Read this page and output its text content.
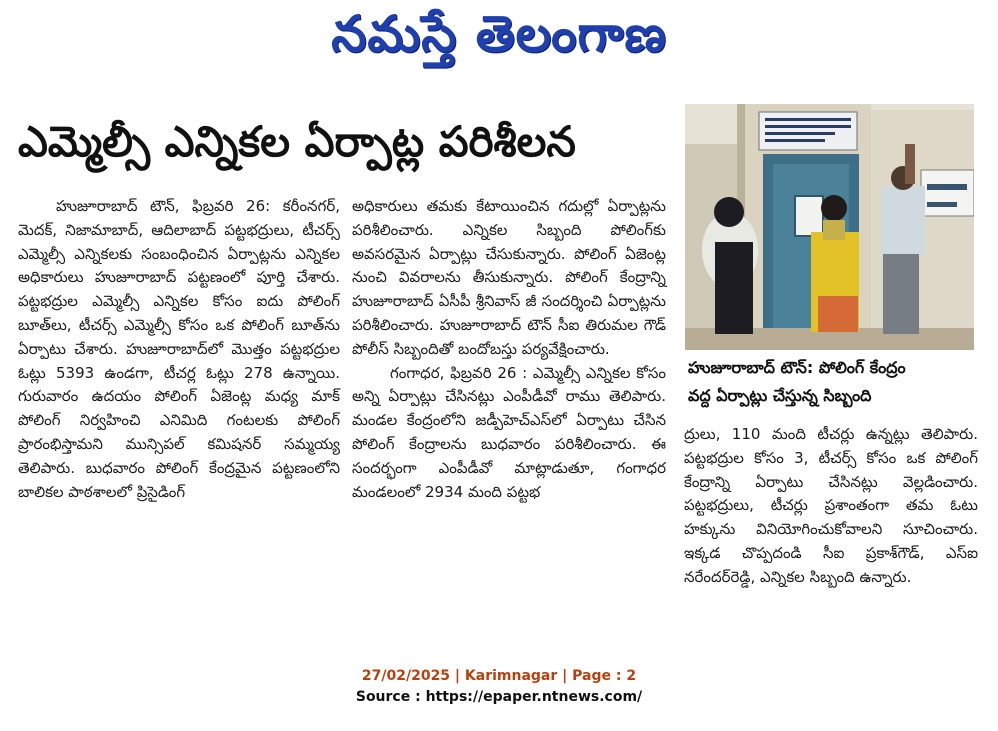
నమస్తే తెలంగాణ
ఎమ్మెల్సీ ఎన్నికల ఏర్పాట్ల పరిశీలన

హుజూరాబాద్ టౌన్, ఫిబ్రవరి 26: కరీంనగర్, మెదక్, నిజామాబాద్, ఆదిలాబాద్ పట్టభద్రులు, టీచర్స్ ఎమ్మెల్సీ ఎన్నికలకు సంబంధించిన ఏర్పాట్లను ఎన్నికల అధికారులు హుజూరాబాద్ పట్టణంలో పూర్తి చేశారు. పట్టభద్రుల ఎమ్మెల్సీ ఎన్నికల కోసం ఐదు పోలింగ్ బూత్‌లు, టీచర్స్ ఎమ్మెల్సీ కోసం ఒక పోలింగ్ బూత్‌ను ఏర్పాటు చేశారు. హుజూరాబాద్‌లో మొత్తం పట్టభద్రుల ఓట్లు 5393 ఉండగా, టీచర్ల ఓట్లు 278 ఉన్నాయి. గురువారం ఉదయం పోలింగ్ ఏజెంట్ల మధ్య మాక్ పోలింగ్ నిర్వహించి ఎనిమిది గంటలకు పోలింగ్ ప్రారంభిస్తామని మున్సిపల్ కమిషనర్ సమ్మయ్య తెలిపారు. బుధవారం పోలింగ్ కేంద్రమైన పట్టణంలోని బాలికల పాఠశాలలో ప్రిసైడింగ్

అధికారులు తమకు కేటాయించిన గదుల్లో ఏర్పాట్లను పరిశీలించారు. ఎన్నికల సిబ్బంది పోలింగ్‌కు అవసరమైన ఏర్పాట్లు చేసుకున్నారు. పోలింగ్ ఏజెంట్ల నుంచి వివరాలను తీసుకున్నారు. పోలింగ్ కేంద్రాన్ని హుజూరాబాద్ ఏసీపీ శ్రీనివాస్ జీ సందర్శించి ఏర్పాట్లను పరిశీలించారు. హుజూరాబాద్ టౌన్ సీఐ తిరుమల గౌడ్ పోలీస్ సిబ్బందితో బందోబస్తు పర్యవేక్షించారు.

గంగాధర, ఫిబ్రవరి 26 : ఎమ్మెల్సీ ఎన్నికల కోసం అన్ని ఏర్పాట్లు చేసినట్లు ఎంపీడీవో రాము తెలిపారు. మండల కేంద్రంలోని జడ్పీహెచ్ఎస్‌లో ఏర్పాటు చేసిన పోలింగ్ కేంద్రాలను బుధవారం పరిశీలించారు. ఈ సందర్భంగా ఎంపీడీవో మాట్లాడుతూ, గంగాధర మండలంలో 2934 మంది పట్టభ

హుజూరాబాద్ టౌన్: పోలింగ్ కేంద్రం
వద్ద ఏర్పాట్లు చేస్తున్న సిబ్బంది

ద్రులు, 110 మంది టీచర్లు ఉన్నట్లు తెలిపారు. పట్టభద్రుల కోసం 3, టీచర్స్ కోసం ఒక పోలింగ్ కేంద్రాన్ని ఏర్పాటు చేసినట్లు వెల్లడించారు. పట్టభద్రులు, టీచర్లు ప్రశాంతంగా తమ ఓటు హక్కును వినియోగించుకోవాలని సూచించారు. ఇక్కడ చొప్పదండి సీఐ ప్రకాశ్‌గౌడ్, ఎస్ఐ నరేందర్‌రెడ్డి, ఎన్నికల సిబ్బంది ఉన్నారు.

27/02/2025 | Karimnagar | Page : 2
Source : https://epaper.ntnews.com/
